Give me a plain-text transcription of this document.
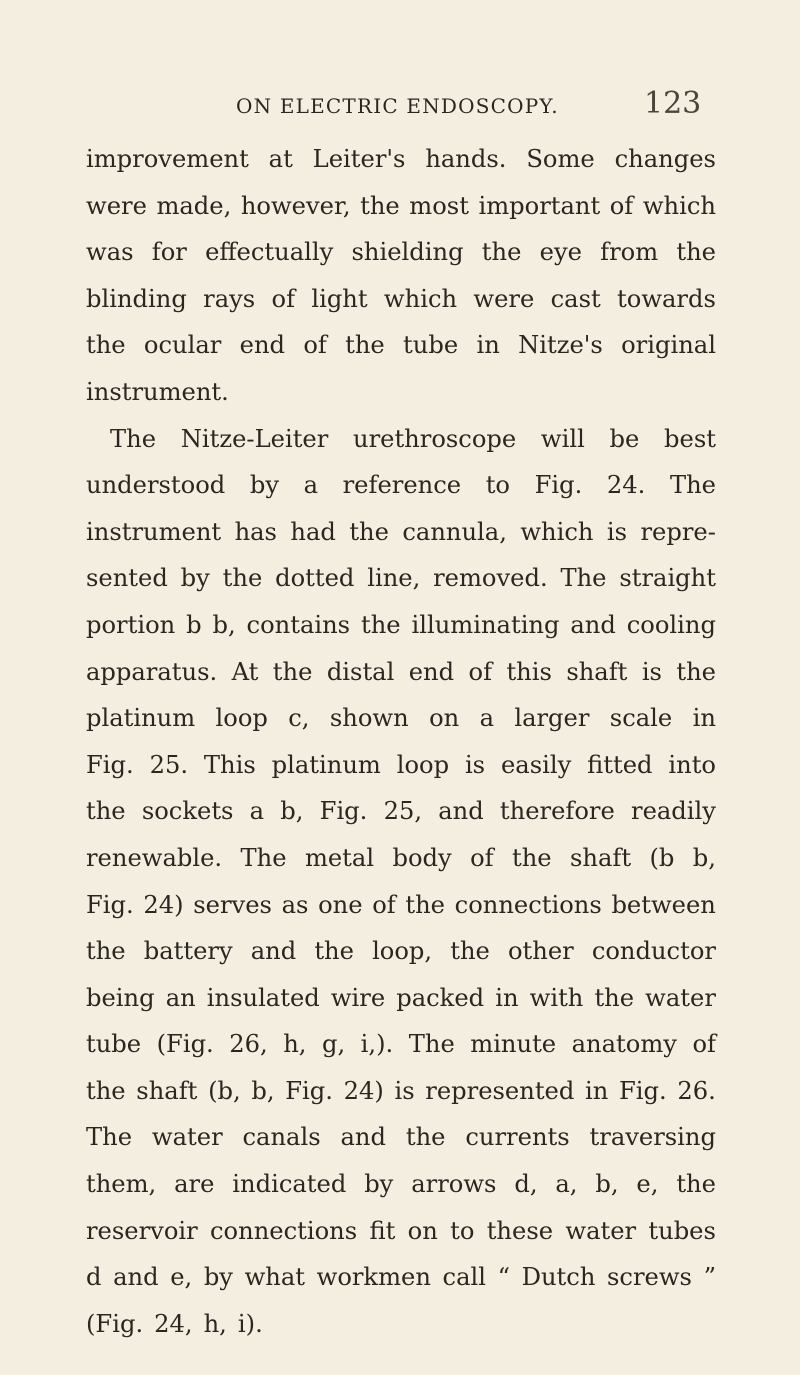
ON ELECTRIC ENDOSCOPY.	123
improvement at Leiter's hands. Some changes
were made, however, the most important of which
was for effectually shielding the eye from the
blinding rays of light which were cast towards
the ocular end of the tube in Nitze's original
instrument.
The Nitze-Leiter urethroscope will be best
understood by a reference to Fig. 24. The
instrument has had the cannula, which is repre-
sented by the dotted line, removed. The straight
portion b b, contains the illuminating and cooling
apparatus. At the distal end of this shaft is the
platinum loop c, shown on a larger scale in
Fig. 25. This platinum loop is easily fitted into
the sockets a b, Fig. 25, and therefore readily
renewable. The metal body of the shaft (b b,
Fig. 24) serves as one of the connections between
the battery and the loop, the other conductor
being an insulated wire packed in with the water
tube (Fig. 26, h, g, i,). The minute anatomy of
the shaft (b, b, Fig. 24) is represented in Fig. 26.
The water canals and the currents traversing
them, are indicated by arrows d, a, b, e, the
reservoir connections fit on to these water tubes
d and e, by what workmen call “ Dutch screws ”
(Fig. 24, h, i).
